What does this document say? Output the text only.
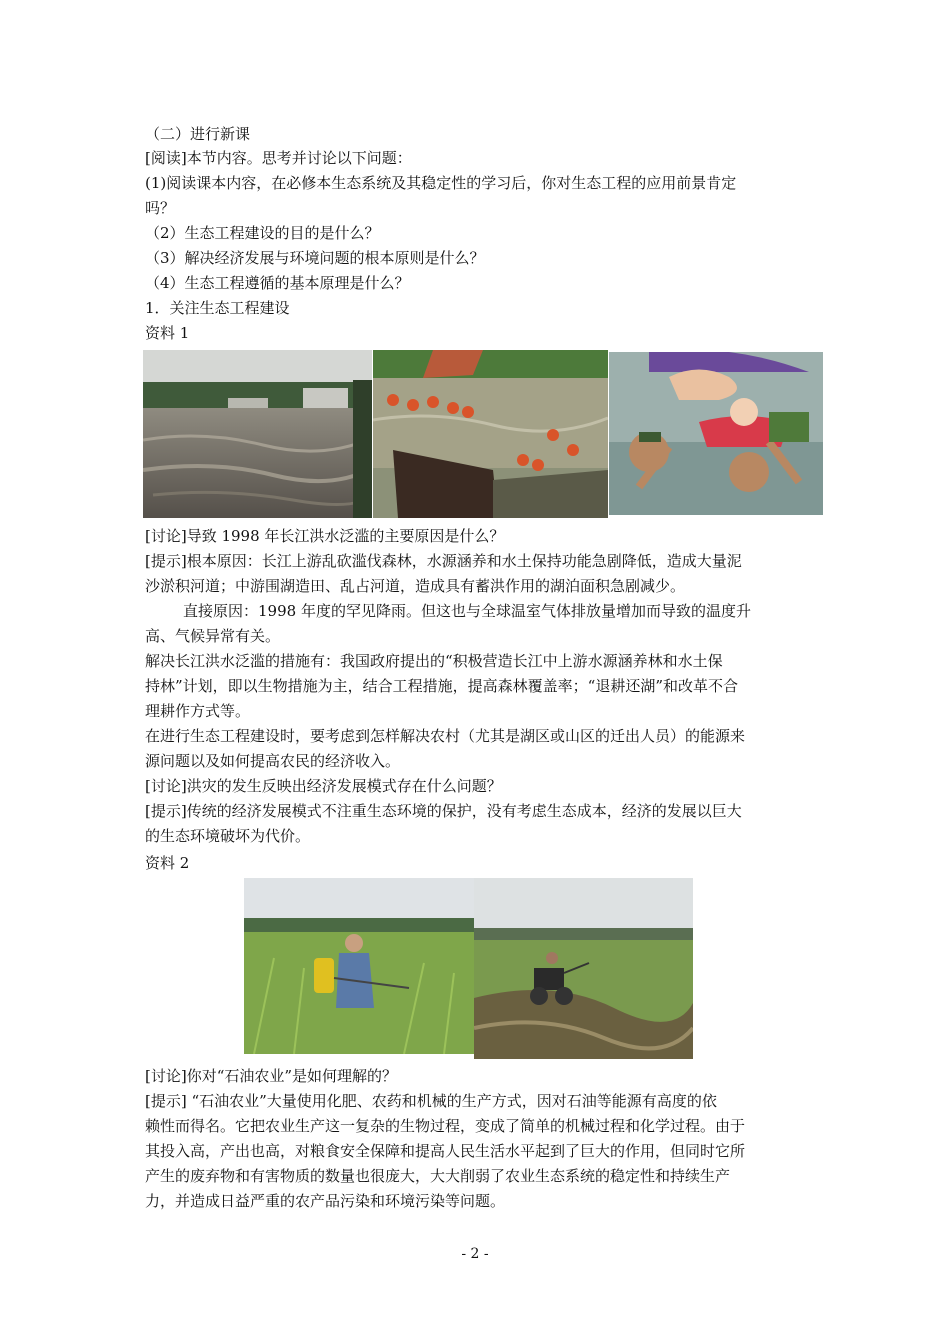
（二）进行新课
[阅读]本节内容。思考并讨论以下问题：
(1)阅读课本内容，在必修本生态系统及其稳定性的学习后，你对生态工程的应用前景肯定
吗？
（2）生态工程建设的目的是什么？
（3）解决经济发展与环境问题的根本原则是什么？
（4）生态工程遵循的基本原理是什么？
1．关注生态工程建设
资料 1
[讨论]导致 1998 年长江洪水泛滥的主要原因是什么？
[提示]根本原因：长江上游乱砍滥伐森林，水源涵养和水土保持功能急剧降低，造成大量泥
沙淤积河道；中游围湖造田、乱占河道，造成具有蓄洪作用的湖泊面积急剧减少。
直接原因：1998 年度的罕见降雨。但这也与全球温室气体排放量增加而导致的温度升
高、气候异常有关。
解决长江洪水泛滥的措施有：我国政府提出的“积极营造长江中上游水源涵养林和水土保
持林”计划，即以生物措施为主，结合工程措施，提高森林覆盖率；“退耕还湖”和改革不合
理耕作方式等。
在进行生态工程建设时，要考虑到怎样解决农村（尤其是湖区或山区的迁出人员）的能源来
源问题以及如何提高农民的经济收入。
[讨论]洪灾的发生反映出经济发展模式存在什么问题？
[提示]传统的经济发展模式不注重生态环境的保护，没有考虑生态成本，经济的发展以巨大
的生态环境破坏为代价。
资料 2
[讨论]你对“石油农业”是如何理解的？
[提示] “石油农业”大量使用化肥、农药和机械的生产方式，因对石油等能源有高度的依
赖性而得名。它把农业生产这一复杂的生物过程，变成了简单的机械过程和化学过程。由于
其投入高，产出也高，对粮食安全保障和提高人民生活水平起到了巨大的作用，但同时它所
产生的废弃物和有害物质的数量也很庞大，大大削弱了农业生态系统的稳定性和持续生产
力，并造成日益严重的农产品污染和环境污染等问题。
- 2 -
